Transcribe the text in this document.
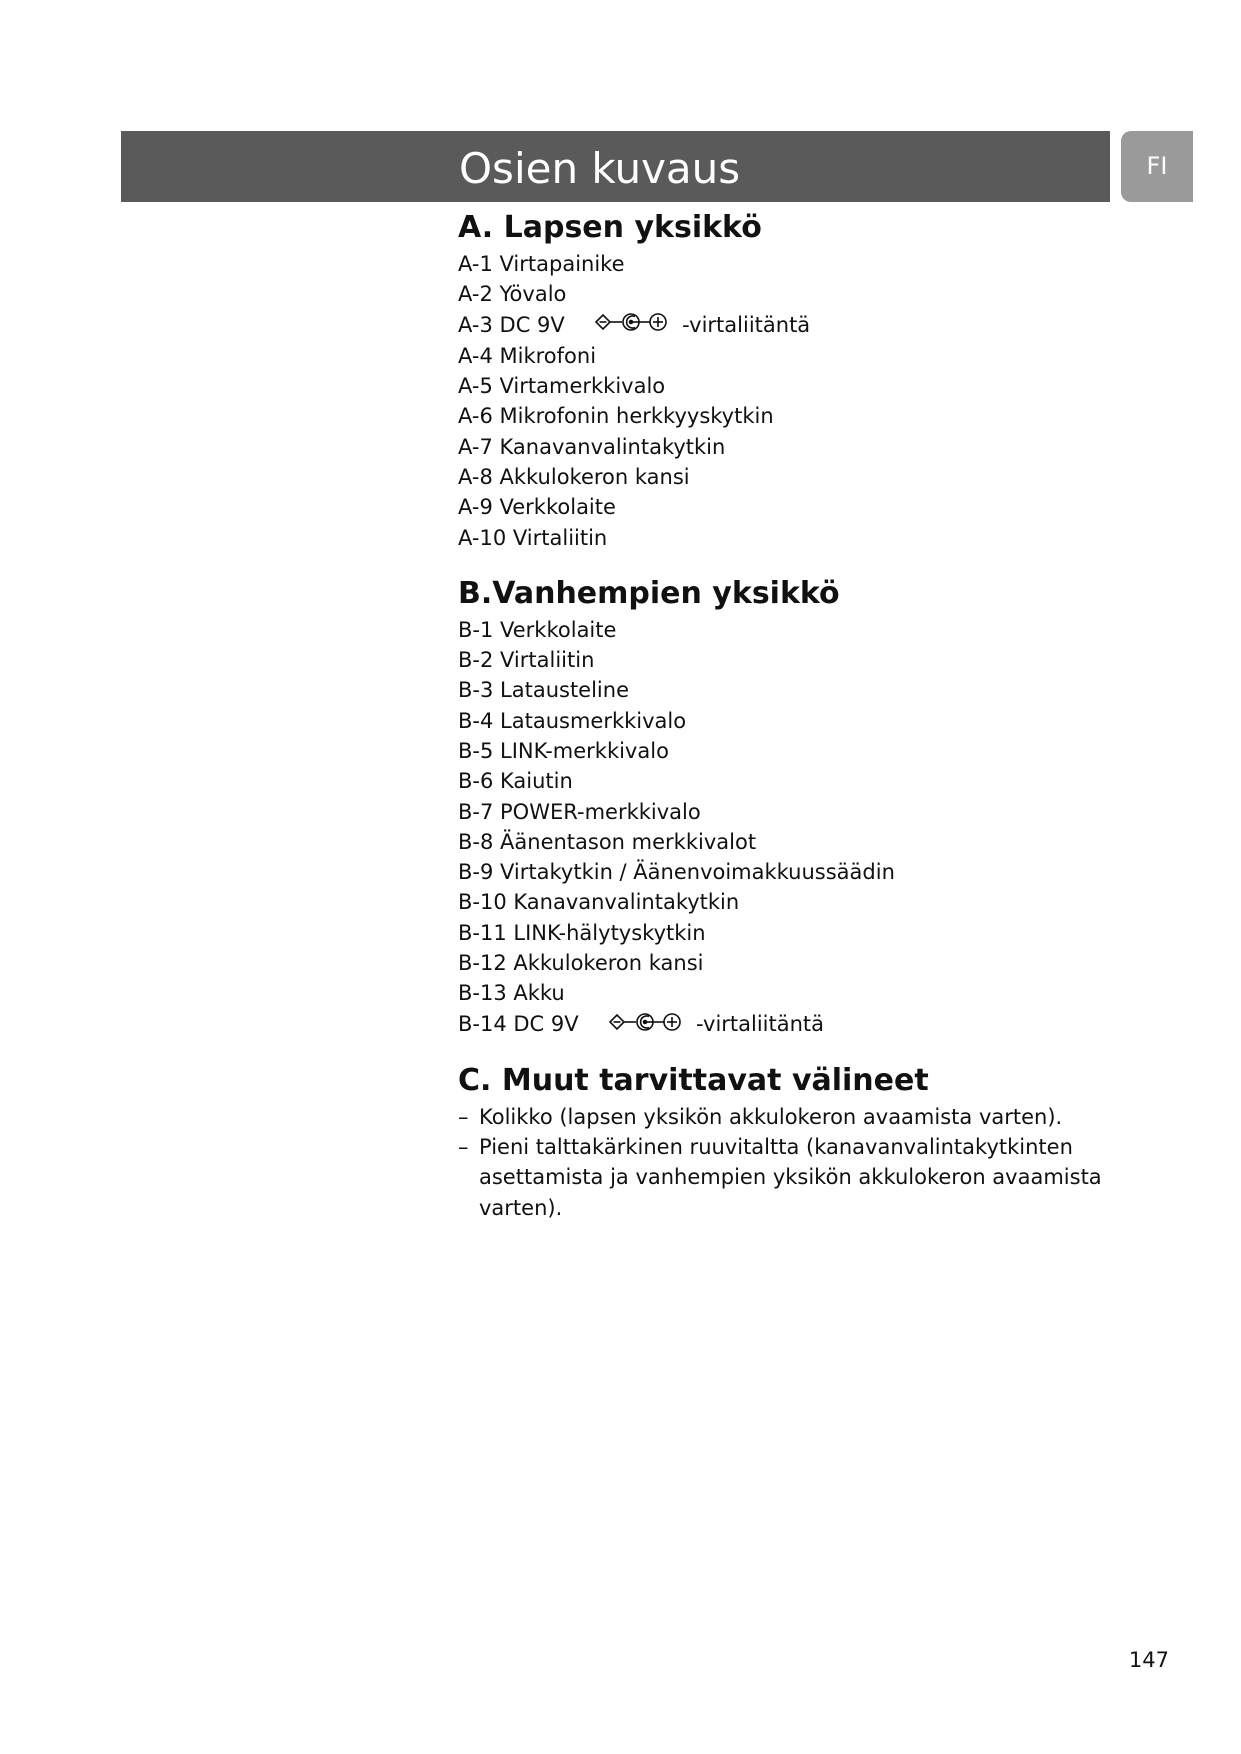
Osien kuvaus	FI
A. Lapsen yksikkö
A-1 Virtapainike
A-2 Yövalo
A-3 DC 9V	-virtaliitäntä
A-4 Mikrofoni
A-5 Virtamerkkivalo
A-6 Mikrofonin herkkyyskytkin
A-7 Kanavanvalintakytkin
A-8 Akkulokeron kansi
A-9 Verkkolaite
A-10 Virtaliitin
B.Vanhempien yksikkö
B-1 Verkkolaite
B-2 Virtaliitin
B-3 Latausteline
B-4 Latausmerkkivalo
B-5 LINK-merkkivalo
B-6 Kaiutin
B-7 POWER-merkkivalo
B-8 Äänentason merkkivalot
B-9 Virtakytkin / Äänenvoimakkuussäädin
B-10 Kanavanvalintakytkin
B-11 LINK-hälytyskytkin
B-12 Akkulokeron kansi
B-13 Akku
B-14 DC 9V	-virtaliitäntä
C. Muut tarvittavat välineet
– Kolikko (lapsen yksikön akkulokeron avaamista varten).
– Pieni talttakärkinen ruuvitaltta (kanavanvalintakytkinten asettamista ja vanhempien yksikön akkulokeron avaamista varten).
147
